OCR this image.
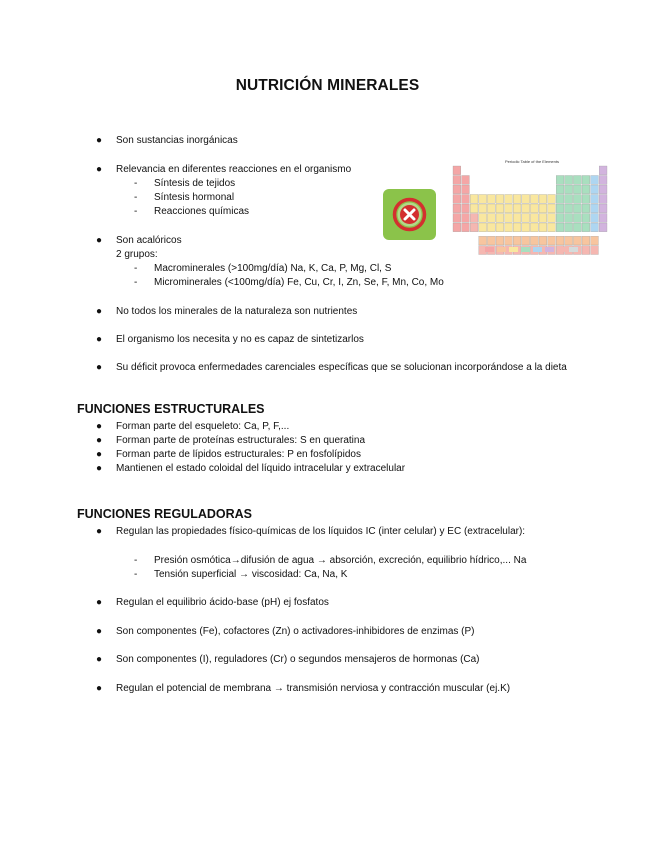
NUTRICIÓN MINERALES
● Son sustancias inorgánicas
● Relevancia en diferentes reacciones en el organismo
- Síntesis de tejidos
- Síntesis hormonal
- Reacciones químicas
● Son acalóricos
2 grupos:
- Macrominerales (>100mg/día) Na, K, Ca, P, Mg, Cl, S
- Microminerales (<100mg/día) Fe, Cu, Cr, I, Zn, Se, F, Mn, Co, Mo
● No todos los minerales de la naturaleza son nutrientes
● El organismo los necesita y no es capaz de sintetizarlos
● Su déficit provoca enfermedades carenciales específicas que se solucionan incorporándose a la dieta
Periodic Table of the Elements
FUNCIONES ESTRUCTURALES
● Forman parte del esqueleto: Ca, P, F,...
● Forman parte de proteínas estructurales: S en queratina
● Forman parte de lípidos estructurales: P en fosfolípidos
● Mantienen el estado coloidal del líquido intracelular y extracelular
FUNCIONES REGULADORAS
● Regulan las propiedades físico-químicas de los líquidos IC (inter celular) y EC (extracelular):
- Presión osmótica→difusión de agua → absorción, excreción, equilibrio hídrico,... Na
- Tensión superficial → viscosidad: Ca, Na, K
● Regulan el equilibrio ácido-base (pH) ej fosfatos
● Son componentes (Fe), cofactores (Zn) o activadores-inhibidores de enzimas (P)
● Son componentes (I), reguladores (Cr) o segundos mensajeros de hormonas (Ca)
● Regulan el potencial de membrana → transmisión nerviosa y contracción muscular (ej.K)
